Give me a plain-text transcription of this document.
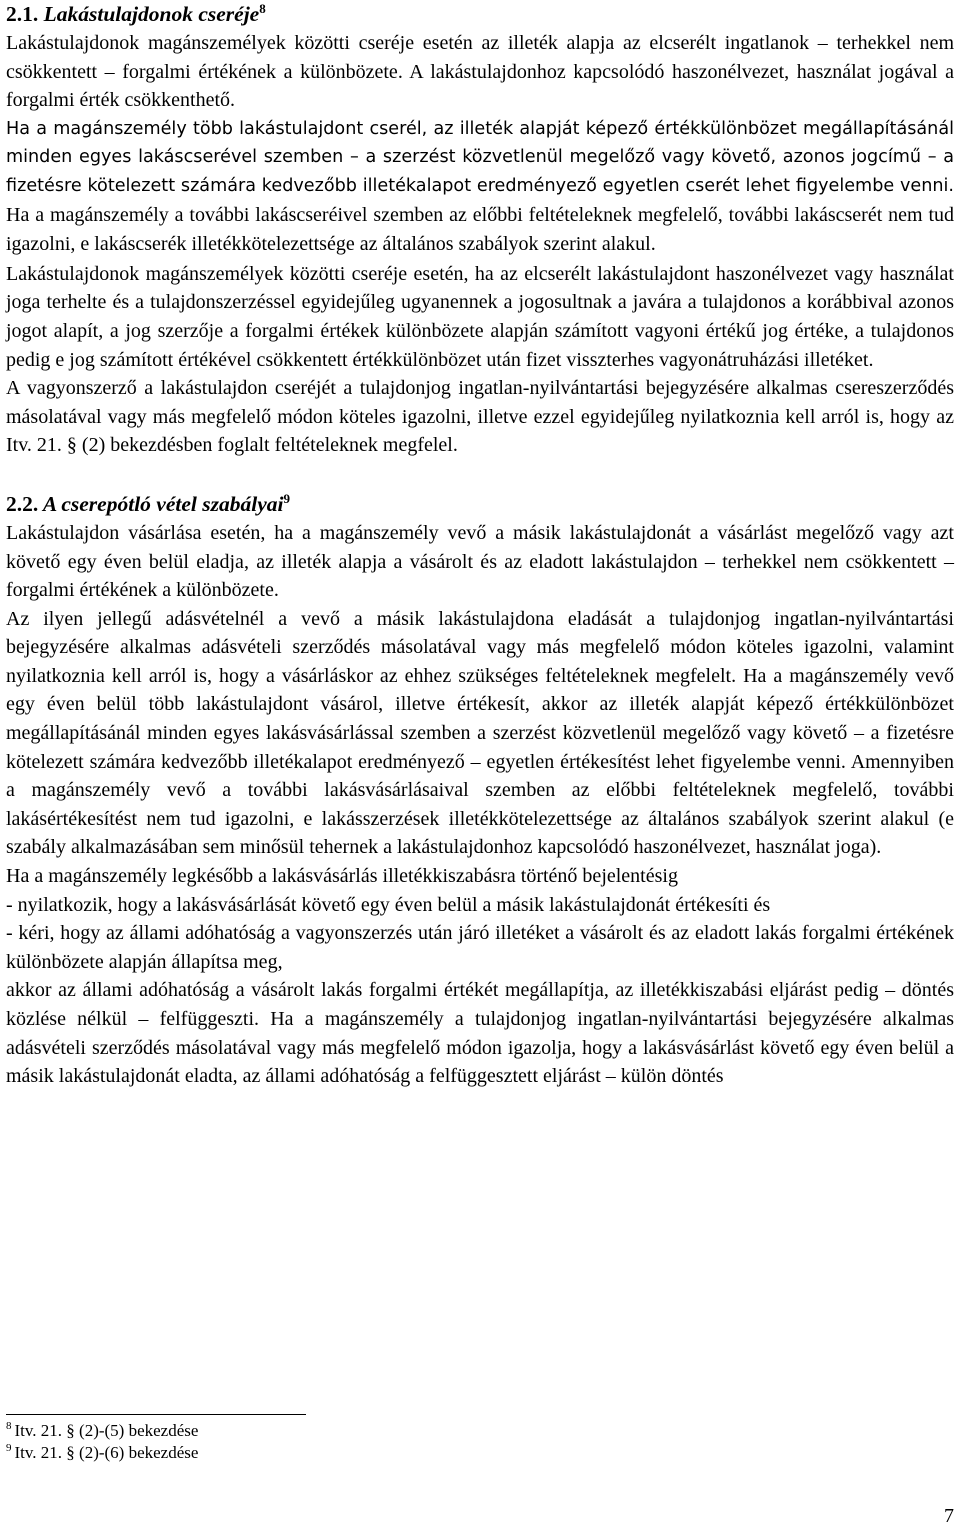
2.1. Lakástulajdonok cseréje$^8$

Lakástulajdonok magánszemélyek közötti cseréje esetén az illeték alapja az elcserélt ingatlanok – terhekkel nem csökkentett – forgalmi értékének a különbözete. A lakástulajdonhoz kapcsolódó haszonélvezet, használat jogával a forgalmi érték csökkenthető.

Ha a magánszemély több lakástulajdont cserél, az illeték alapját képező értékkülönbözet megállapításánál minden egyes lakáscserével szemben – a szerzést közvetlenül megelőző vagy követő, azonos jogcímű – a fizetésre kötelezett számára kedvezőbb illetékalapot eredményező egyetlen cserét lehet figyelembe venni. Ha a magánszemély a további lakáscseréivel szemben az előbbi feltételeknek megfelelő, további lakáscserét nem tud igazolni, e lakáscserék illetékkötelezettsége az általános szabályok szerint alakul.

Lakástulajdonok magánszemélyek közötti cseréje esetén, ha az elcserélt lakástulajdont haszonélvezet vagy használat joga terhelte és a tulajdonszerzéssel egyidejűleg ugyanennek a jogosultnak a javára a tulajdonos a korábbival azonos jogot alapít, a jog szerzője a forgalmi értékek különbözete alapján számított vagyoni értékű jog értéke, a tulajdonos pedig e jog számított értékével csökkentett értékkülönbözet után fizet visszterhes vagyonátruházási illetéket.

A vagyonszerző a lakástulajdon cseréjét a tulajdonjog ingatlan-nyilvántartási bejegyzésére alkalmas csereszerződés másolatával vagy más megfelelő módon köteles igazolni, illetve ezzel egyidejűleg nyilatkoznia kell arról is, hogy az Itv. 21. § (2) bekezdésben foglalt feltételeknek megfelel.

2.2. A cserepótló vétel szabályai$^9$

Lakástulajdon vásárlása esetén, ha a magánszemély vevő a másik lakástulajdonát a vásárlást megelőző vagy azt követő egy éven belül eladja, az illeték alapja a vásárolt és az eladott lakástulajdon – terhekkel nem csökkentett – forgalmi értékének a különbözete.

Az ilyen jellegű adásvételnél a vevő a másik lakástulajdona eladását a tulajdonjog ingatlan-nyilvántartási bejegyzésére alkalmas adásvételi szerződés másolatával vagy más megfelelő módon köteles igazolni, valamint nyilatkoznia kell arról is, hogy a vásárláskor az ehhez szükséges feltételeknek megfelelt. Ha a magánszemély vevő egy éven belül több lakástulajdont vásárol, illetve értékesít, akkor az illeték alapját képező értékkülönbözet megállapításánál minden egyes lakásvásárlással szemben a szerzést közvetlenül megelőző vagy követő – a fizetésre kötelezett számára kedvezőbb illetékalapot eredményező – egyetlen értékesítést lehet figyelembe venni. Amennyiben a magánszemély vevő a további lakásvásárlásaival szemben az előbbi feltételeknek megfelelő, további lakásértékesítést nem tud igazolni, e lakásszerzések illetékkötelezettsége az általános szabályok szerint alakul (e szabály alkalmazásában sem minősül tehernek a lakástulajdonhoz kapcsolódó haszonélvezet, használat joga).

Ha a magánszemély legkésőbb a lakásvásárlás illetékkiszabásra történő bejelentésig

- nyilatkozik, hogy a lakásvásárlását követő egy éven belül a másik lakástulajdonát értékesíti és

- kéri, hogy az állami adóhatóság a vagyonszerzés után járó illetéket a vásárolt és az eladott lakás forgalmi értékének különbözete alapján állapítsa meg,

akkor az állami adóhatóság a vásárolt lakás forgalmi értékét megállapítja, az illetékkiszabási eljárást pedig – döntés közlése nélkül – felfüggeszti. Ha a magánszemély a tulajdonjog ingatlan-nyilvántartási bejegyzésére alkalmas adásvételi szerződés másolatával vagy más megfelelő módon igazolja, hogy a lakásvásárlást követő egy éven belül a másik lakástulajdonát eladta, az állami adóhatóság a felfüggesztett eljárást – külön döntés

$^8$ Itv. 21. § (2)-(5) bekezdése
$^9$ Itv. 21. § (2)-(6) bekezdése
7
